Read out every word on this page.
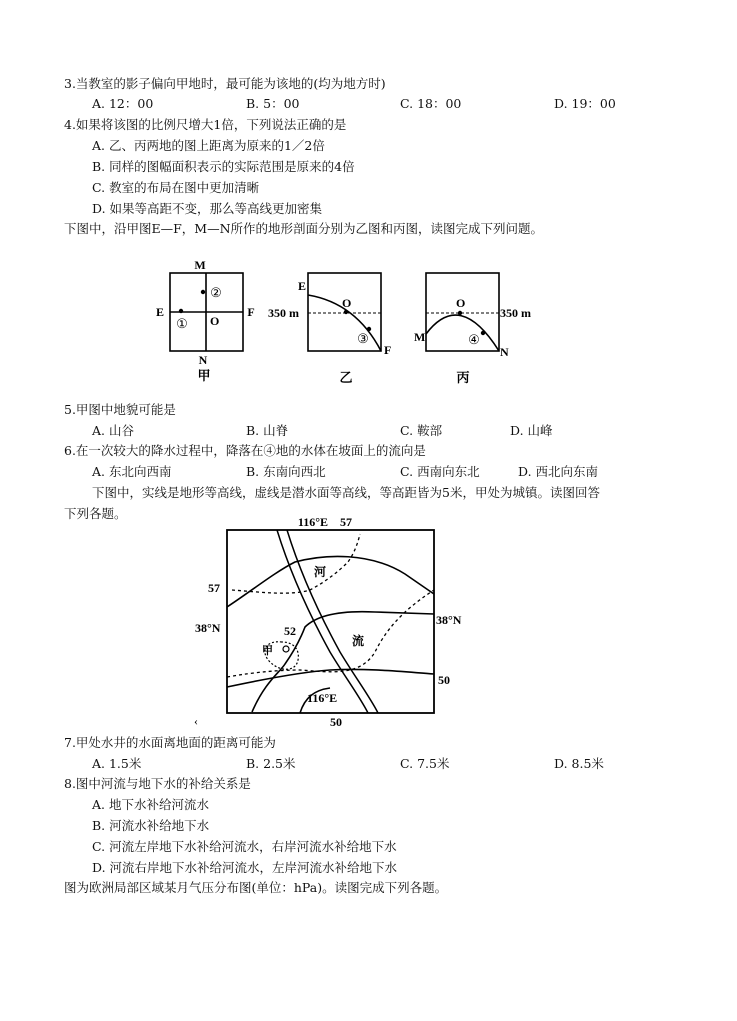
3.当教室的影子偏向甲地时，最可能为该地的(均为地方时)
A. 12：00	B. 5：00	C. 18：00	D. 19：00
4.如果将该图的比例尺增大1倍，下列说法正确的是
A. 乙、丙两地的图上距离为原来的1／2倍
B. 同样的图幅面积表示的实际范围是原来的4倍
C. 教室的布局在图中更加清晰
D. 如果等高距不变，那么等高线更加密集
下图中，沿甲图E—F，M—N所作的地形剖面分别为乙图和丙图，读图完成下列问题。
M
N
E	F
O
①
②
甲
E
F
O
350 m
③
乙
M
N
O
350 m
④
丙
5.甲图中地貌可能是
A. 山谷	B. 山脊	C. 鞍部	D. 山峰
6.在一次较大的降水过程中，降落在④地的水体在坡面上的流向是
A. 东北向西南	B. 东南向西北	C. 西南向东北	D. 西北向东南
下图中，实线是地形等高线，虚线是潜水面等高线，等高距皆为5米，甲处为城镇。读图回答
下列各题。
116°E 57
57
38°N
38°N
52
甲
河
流
50
116°E
50
‹
7.甲处水井的水面离地面的距离可能为
A. 1.5米	B. 2.5米	C. 7.5米	D. 8.5米
8.图中河流与地下水的补给关系是
A. 地下水补给河流水
B. 河流水补给地下水
C. 河流左岸地下水补给河流水，右岸河流水补给地下水
D. 河流右岸地下水补给河流水，左岸河流水补给地下水
图为欧洲局部区域某月气压分布图(单位：hPa)。读图完成下列各题。
